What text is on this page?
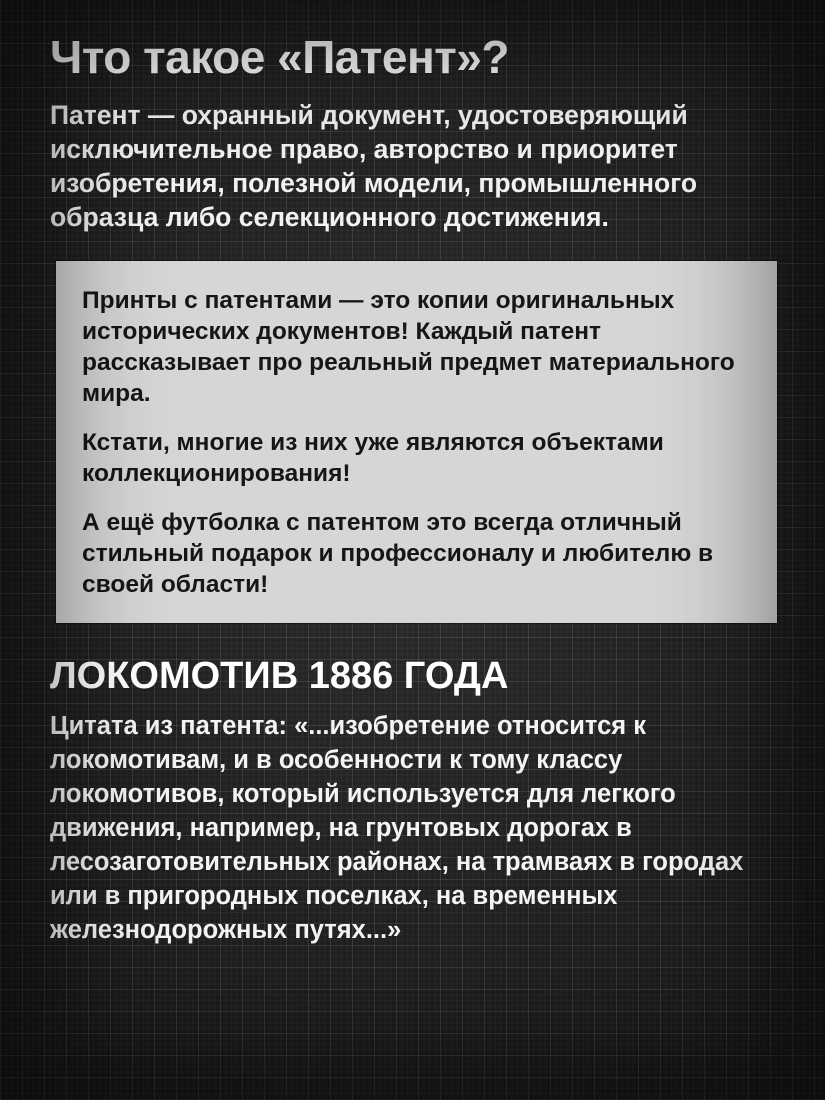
Что такое «Патент»?

Патент — охранный документ, удостоверяющий исключительное право, авторство и приоритет изобретения, полезной модели, промышленного образца либо селекционного достижения.

Принты с патентами — это копии оригинальных исторических документов! Каждый патент рассказывает про реальный предмет материального мира.

Кстати, многие из них уже являются объектами коллекционирования!

А ещё футболка с патентом это всегда отличный стильный подарок и профессионалу и любителю в своей области!

ЛОКОМОТИВ 1886 ГОДА

Цитата из патента: «...изобретение относится к локомотивам, и в особенности к тому классу локомотивов, который используется для легкого движения, например, на грунтовых дорогах в лесозаготовительных районах, на трамваях в городах или в пригородных поселках, на временных железнодорожных путях...»
